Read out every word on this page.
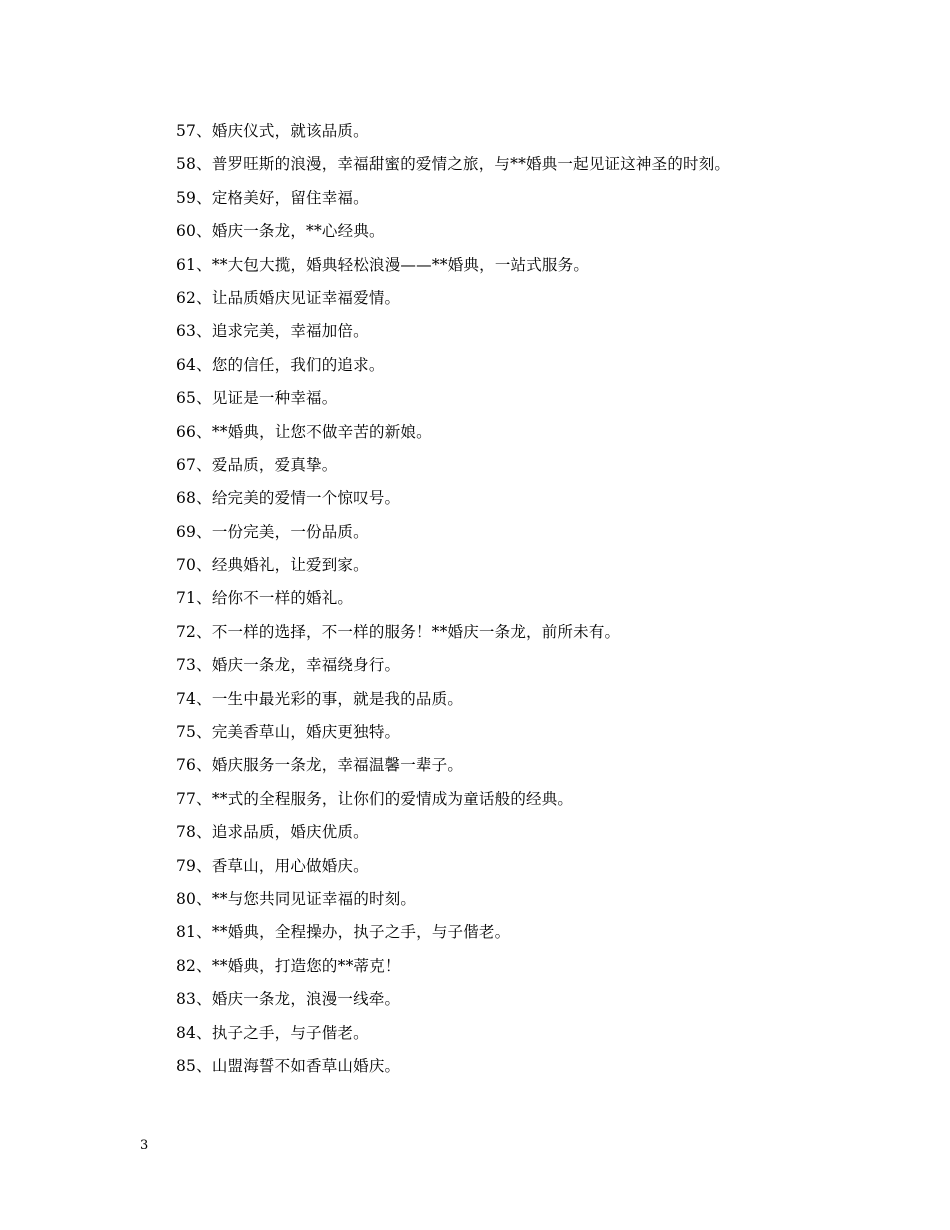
57、婚庆仪式，就该品质。
58、普罗旺斯的浪漫，幸福甜蜜的爱情之旅，与**婚典一起见证这神圣的时刻。
59、定格美好，留住幸福。
60、婚庆一条龙，**心经典。
61、**大包大揽，婚典轻松浪漫——**婚典，一站式服务。
62、让品质婚庆见证幸福爱情。
63、追求完美，幸福加倍。
64、您的信任，我们的追求。
65、见证是一种幸福。
66、**婚典，让您不做辛苦的新娘。
67、爱品质，爱真挚。
68、给完美的爱情一个惊叹号。
69、一份完美，一份品质。
70、经典婚礼，让爱到家。
71、给你不一样的婚礼。
72、不一样的选择，不一样的服务！**婚庆一条龙，前所未有。
73、婚庆一条龙，幸福绕身行。
74、一生中最光彩的事，就是我的品质。
75、完美香草山，婚庆更独特。
76、婚庆服务一条龙，幸福温馨一辈子。
77、**式的全程服务，让你们的爱情成为童话般的经典。
78、追求品质，婚庆优质。
79、香草山，用心做婚庆。
80、**与您共同见证幸福的时刻。
81、**婚典，全程操办，执子之手，与子偕老。
82、**婚典，打造您的**蒂克！
83、婚庆一条龙，浪漫一线牵。
84、执子之手，与子偕老。
85、山盟海誓不如香草山婚庆。
3
